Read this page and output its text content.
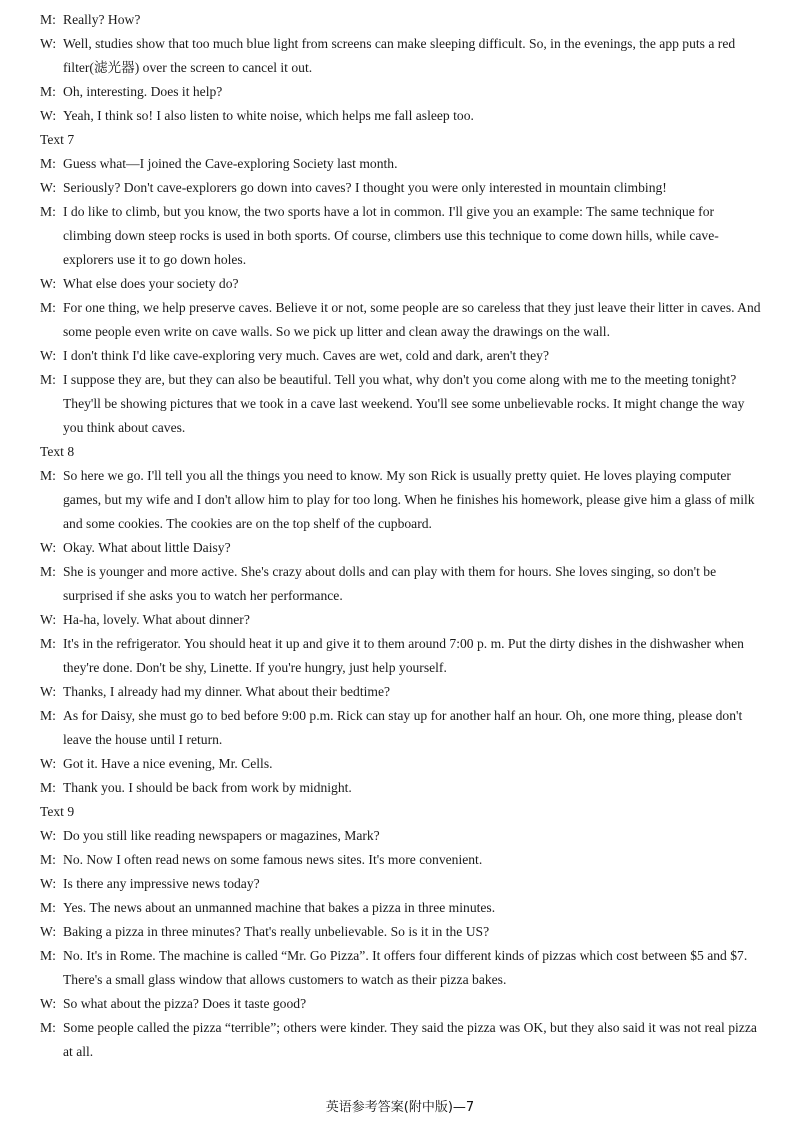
M: Really? How?
W: Well, studies show that too much blue light from screens can make sleeping difficult. So, in the evenings, the app puts a red filter(滤光器) over the screen to cancel it out.
M: Oh, interesting. Does it help?
W: Yeah, I think so! I also listen to white noise, which helps me fall asleep too.
Text 7
M: Guess what—I joined the Cave-exploring Society last month.
W: Seriously? Don't cave-explorers go down into caves? I thought you were only interested in mountain climbing!
M: I do like to climb, but you know, the two sports have a lot in common. I'll give you an example: The same technique for climbing down steep rocks is used in both sports. Of course, climbers use this technique to come down hills, while cave-explorers use it to go down holes.
W: What else does your society do?
M: For one thing, we help preserve caves. Believe it or not, some people are so careless that they just leave their litter in caves. And some people even write on cave walls. So we pick up litter and clean away the drawings on the wall.
W: I don't think I'd like cave-exploring very much. Caves are wet, cold and dark, aren't they?
M: I suppose they are, but they can also be beautiful. Tell you what, why don't you come along with me to the meeting tonight? They'll be showing pictures that we took in a cave last weekend. You'll see some unbelievable rocks. It might change the way you think about caves.
Text 8
M: So here we go. I'll tell you all the things you need to know. My son Rick is usually pretty quiet. He loves playing computer games, but my wife and I don't allow him to play for too long. When he finishes his homework, please give him a glass of milk and some cookies. The cookies are on the top shelf of the cupboard.
W: Okay. What about little Daisy?
M: She is younger and more active. She's crazy about dolls and can play with them for hours. She loves singing, so don't be surprised if she asks you to watch her performance.
W: Ha-ha, lovely. What about dinner?
M: It's in the refrigerator. You should heat it up and give it to them around 7:00 p. m. Put the dirty dishes in the dishwasher when they're done. Don't be shy, Linette. If you're hungry, just help yourself.
W: Thanks, I already had my dinner. What about their bedtime?
M: As for Daisy, she must go to bed before 9:00 p.m. Rick can stay up for another half an hour. Oh, one more thing, please don't leave the house until I return.
W: Got it. Have a nice evening, Mr. Cells.
M: Thank you. I should be back from work by midnight.
Text 9
W: Do you still like reading newspapers or magazines, Mark?
M: No. Now I often read news on some famous news sites. It's more convenient.
W: Is there any impressive news today?
M: Yes. The news about an unmanned machine that bakes a pizza in three minutes.
W: Baking a pizza in three minutes? That's really unbelievable. So is it in the US?
M: No. It's in Rome. The machine is called “Mr. Go Pizza”. It offers four different kinds of pizzas which cost between $5 and $7. There's a small glass window that allows customers to watch as their pizza bakes.
W: So what about the pizza? Does it taste good?
M: Some people called the pizza “terrible”; others were kinder. They said the pizza was OK, but they also said it was not real pizza at all.
英语参考答案(附中版)—7
